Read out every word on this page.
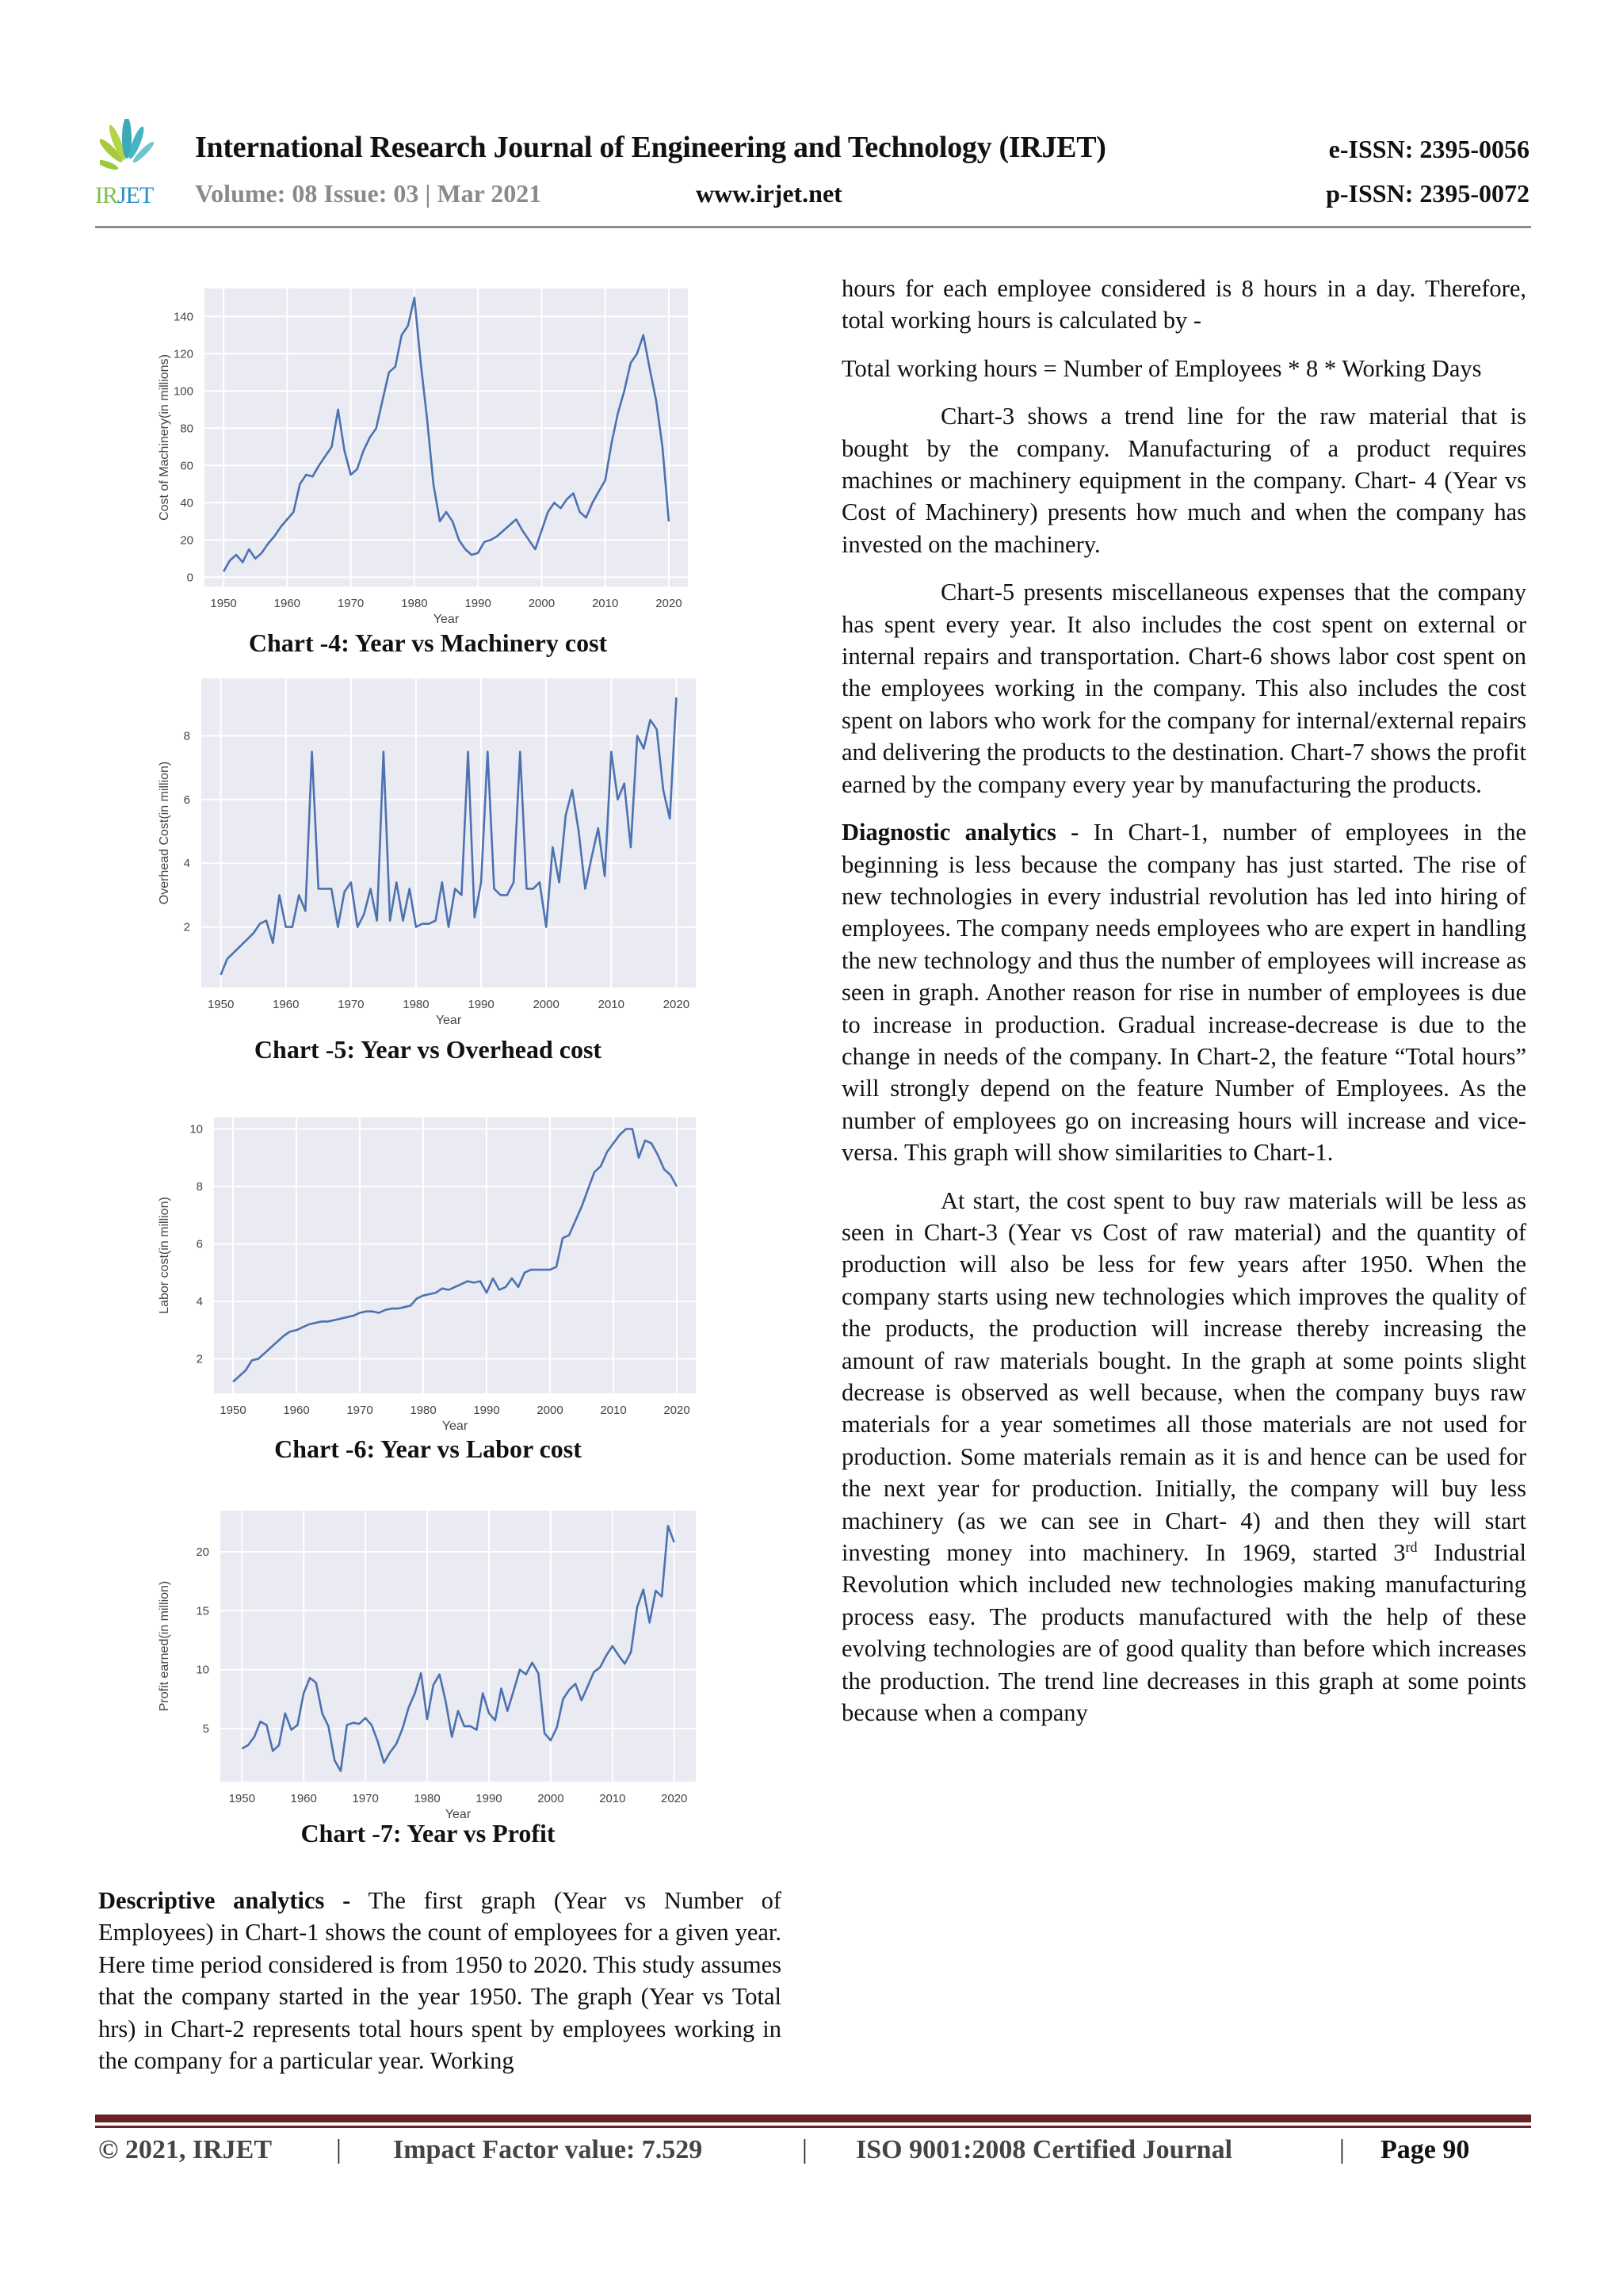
IRJET
International Research Journal of Engineering and Technology (IRJET)
Volume: 08 Issue: 03 | Mar 2021	www.irjet.net
e-ISSN: 2395-0056
p-ISSN: 2395-0072
1950	1960	1970	1980	1990	2000	2010	2020
0
20
40
60
80
100
120
140
Year
Cost of Machinery(in millions)
Chart -4: Year vs Machinery cost
1950	1960	1970	1980	1990	2000	2010	2020
2
4
6
8
Year
Overhead Cost(in million)
Chart -5: Year vs Overhead cost
1950	1960	1970	1980	1990	2000	2010	2020
2
4
6
8
10
Year
Labor cost(in million)
Chart -6: Year vs Labor cost
1950	1960	1970	1980	1990	2000	2010	2020
5
10
15
20
Year
Profit earned(in million)
Chart -7: Year vs Profit

Descriptive analytics - The first graph (Year vs Number of Employees) in Chart-1 shows the count of employees for a given year. Here time period considered is from 1950 to 2020. This study assumes that the company started in the year 1950. The graph (Year vs Total hrs) in Chart-2 represents total hours spent by employees working in the company for a particular year. Working

hours for each employee considered is 8 hours in a day. Therefore, total working hours is calculated by -

Total working hours = Number of Employees * 8 * Working Days

Chart-3 shows a trend line for the raw material that is bought by the company. Manufacturing of a product requires machines or machinery equipment in the company. Chart- 4 (Year vs Cost of Machinery) presents how much and when the company has invested on the machinery.

Chart-5 presents miscellaneous expenses that the company has spent every year. It also includes the cost spent on external or internal repairs and transportation. Chart-6 shows labor cost spent on the employees working in the company. This also includes the cost spent on labors who work for the company for internal/external repairs and delivering the products to the destination. Chart-7 shows the profit earned by the company every year by manufacturing the products.

Diagnostic analytics - In Chart-1, number of employees in the beginning is less because the company has just started. The rise of new technologies in every industrial revolution has led into hiring of employees. The company needs employees who are expert in handling the new technology and thus the number of employees will increase as seen in graph. Another reason for rise in number of employees is due to increase in production. Gradual increase-decrease is due to the change in needs of the company. In Chart-2, the feature “Total hours” will strongly depend on the feature Number of Employees. As the number of employees go on increasing hours will increase and vice-versa. This graph will show similarities to Chart-1.

At start, the cost spent to buy raw materials will be less as seen in Chart-3 (Year vs Cost of raw material) and the quantity of production will also be less for few years after 1950. When the company starts using new technologies which improves the quality of the products, the production will increase thereby increasing the amount of raw materials bought. In the graph at some points slight decrease is observed as well because, when the company buys raw materials for a year sometimes all those materials are not used for production. Some materials remain as it is and hence can be used for the next year for production. Initially, the company will buy less machinery (as we can see in Chart- 4) and then they will start investing money into machinery. In 1969, started 3rd Industrial Revolution which included new technologies making manufacturing process easy. The products manufactured with the help of these evolving technologies are of good quality than before which increases the production. The trend line decreases in this graph at some points because when a company

© 2021, IRJET | Impact Factor value: 7.529	| ISO 9001:2008 Certified Journal	| Page 90
